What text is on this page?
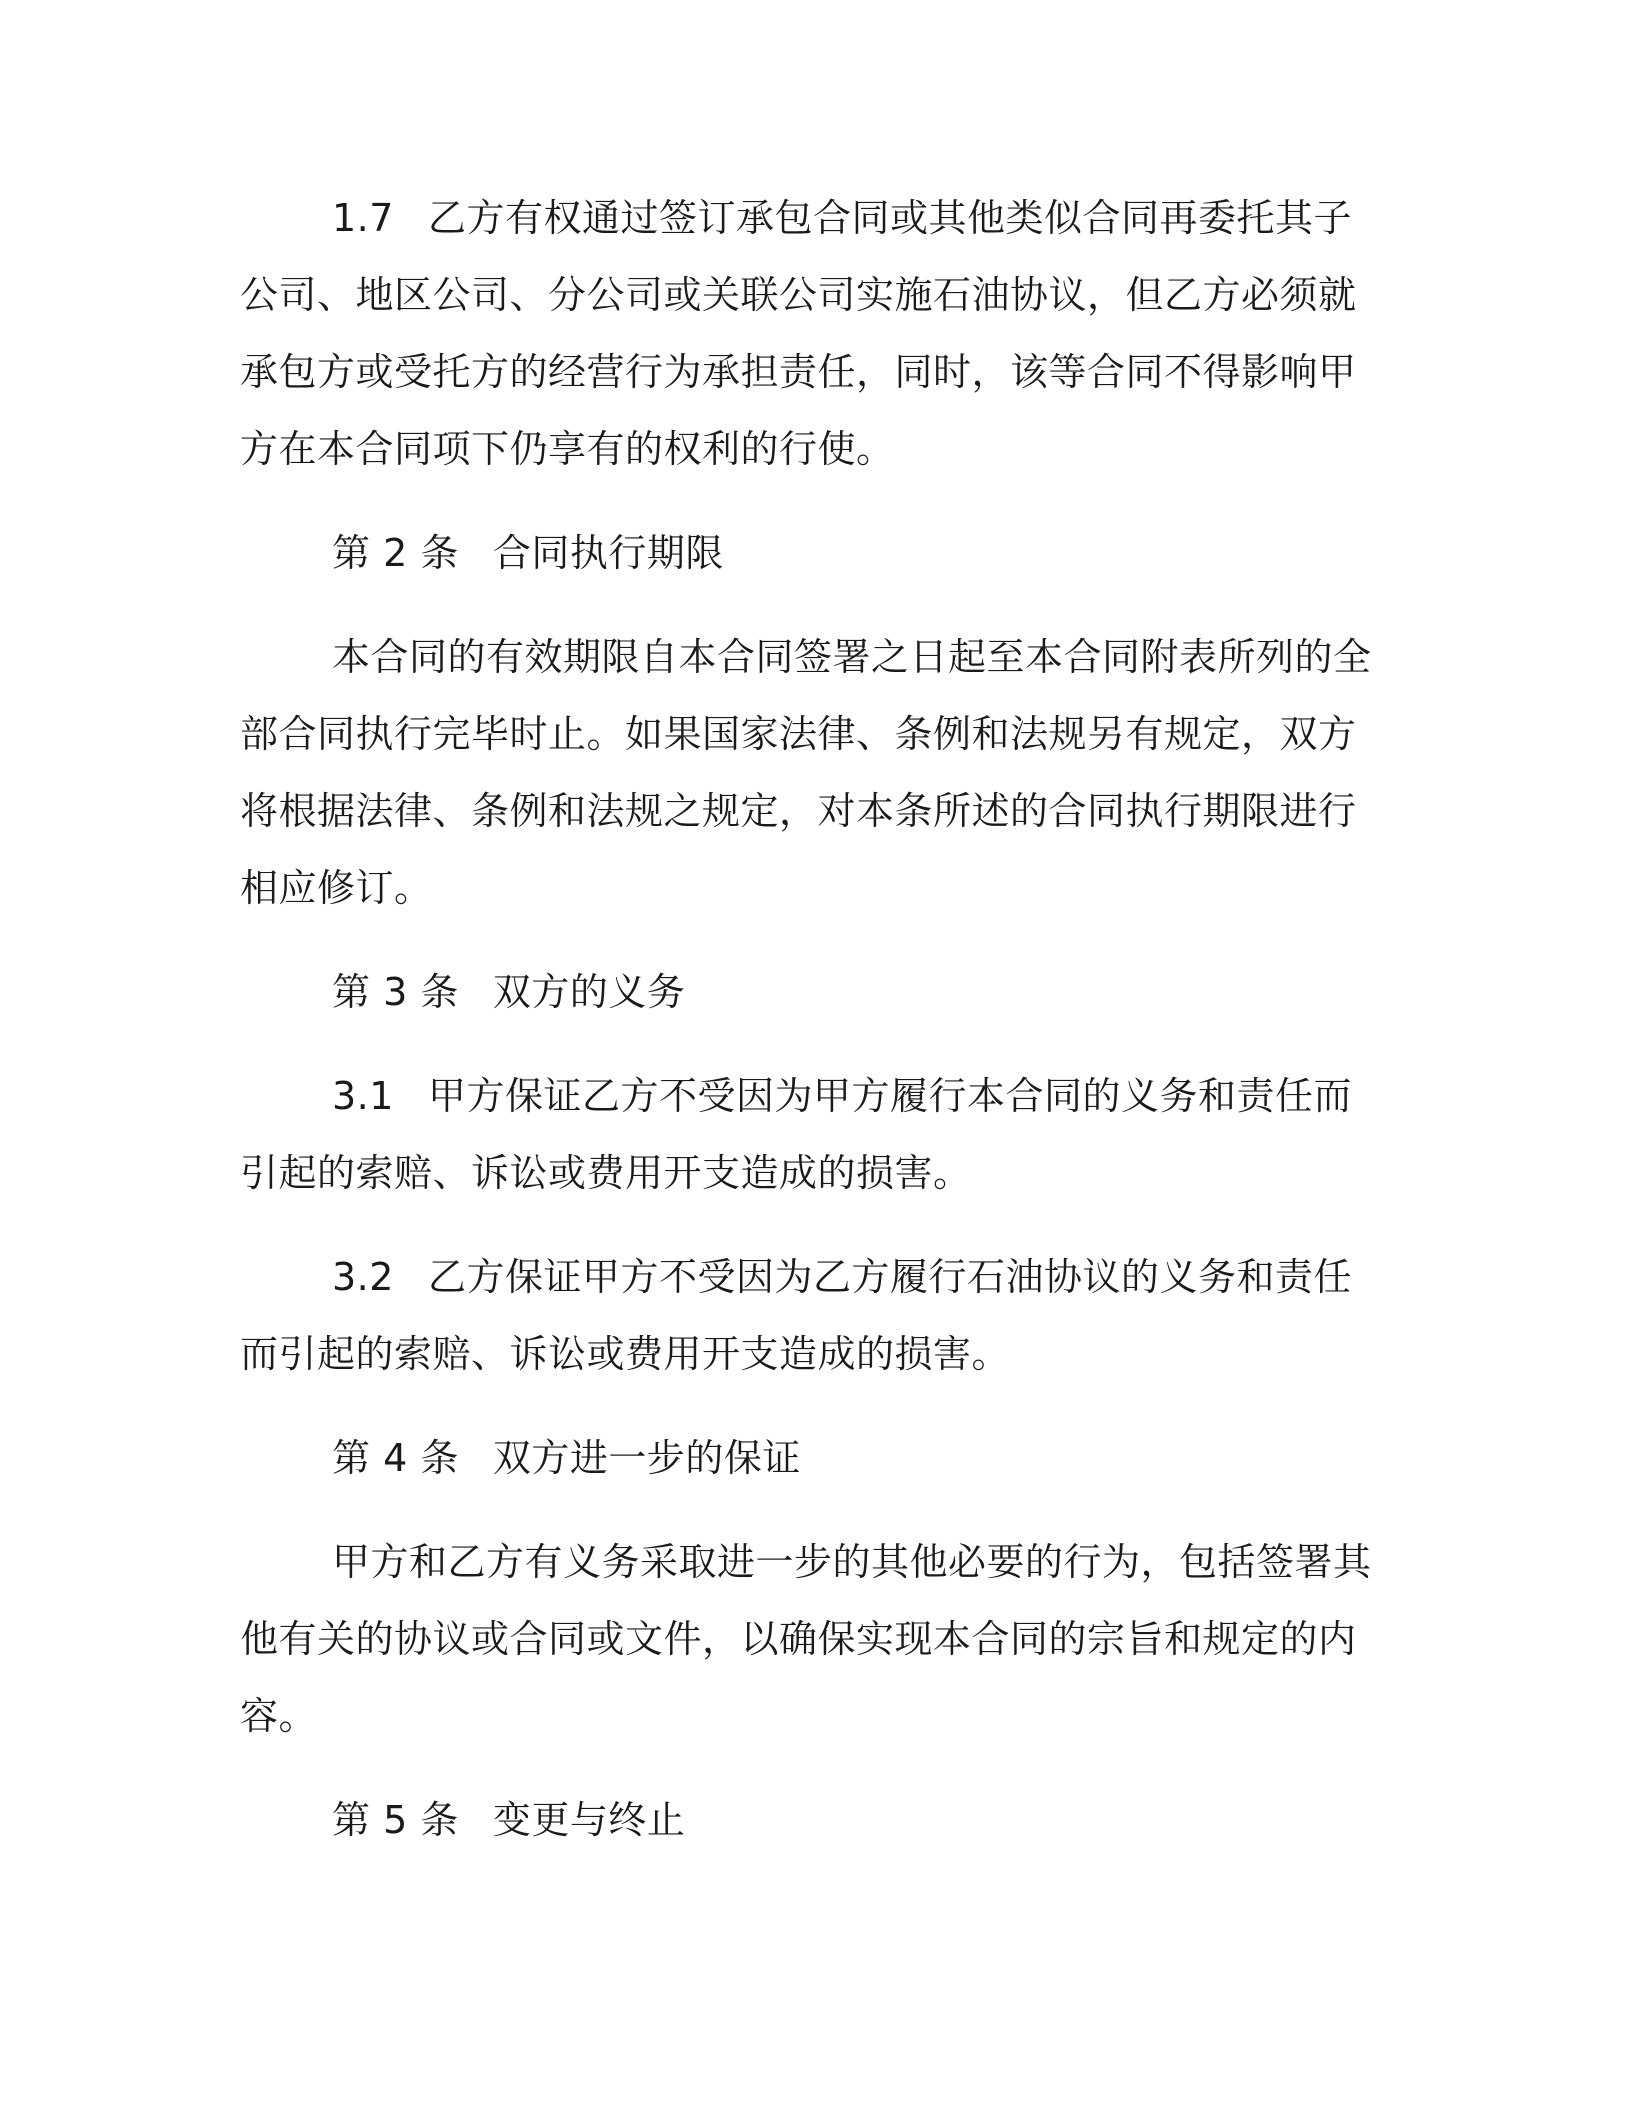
1.7 乙方有权通过签订承包合同或其他类似合同再委托其子公司、地区公司、分公司或关联公司实施石油协议，但乙方必须就承包方或受托方的经营行为承担责任，同时，该等合同不得影响甲方在本合同项下仍享有的权利的行使。

第 2 条 合同执行期限

本合同的有效期限自本合同签署之日起至本合同附表所列的全部合同执行完毕时止。如果国家法律、条例和法规另有规定，双方将根据法律、条例和法规之规定，对本条所述的合同执行期限进行相应修订。

第 3 条 双方的义务

3.1 甲方保证乙方不受因为甲方履行本合同的义务和责任而引起的索赔、诉讼或费用开支造成的损害。

3.2 乙方保证甲方不受因为乙方履行石油协议的义务和责任而引起的索赔、诉讼或费用开支造成的损害。

第 4 条 双方进一步的保证

甲方和乙方有义务采取进一步的其他必要的行为，包括签署其他有关的协议或合同或文件，以确保实现本合同的宗旨和规定的内容。

第 5 条 变更与终止
